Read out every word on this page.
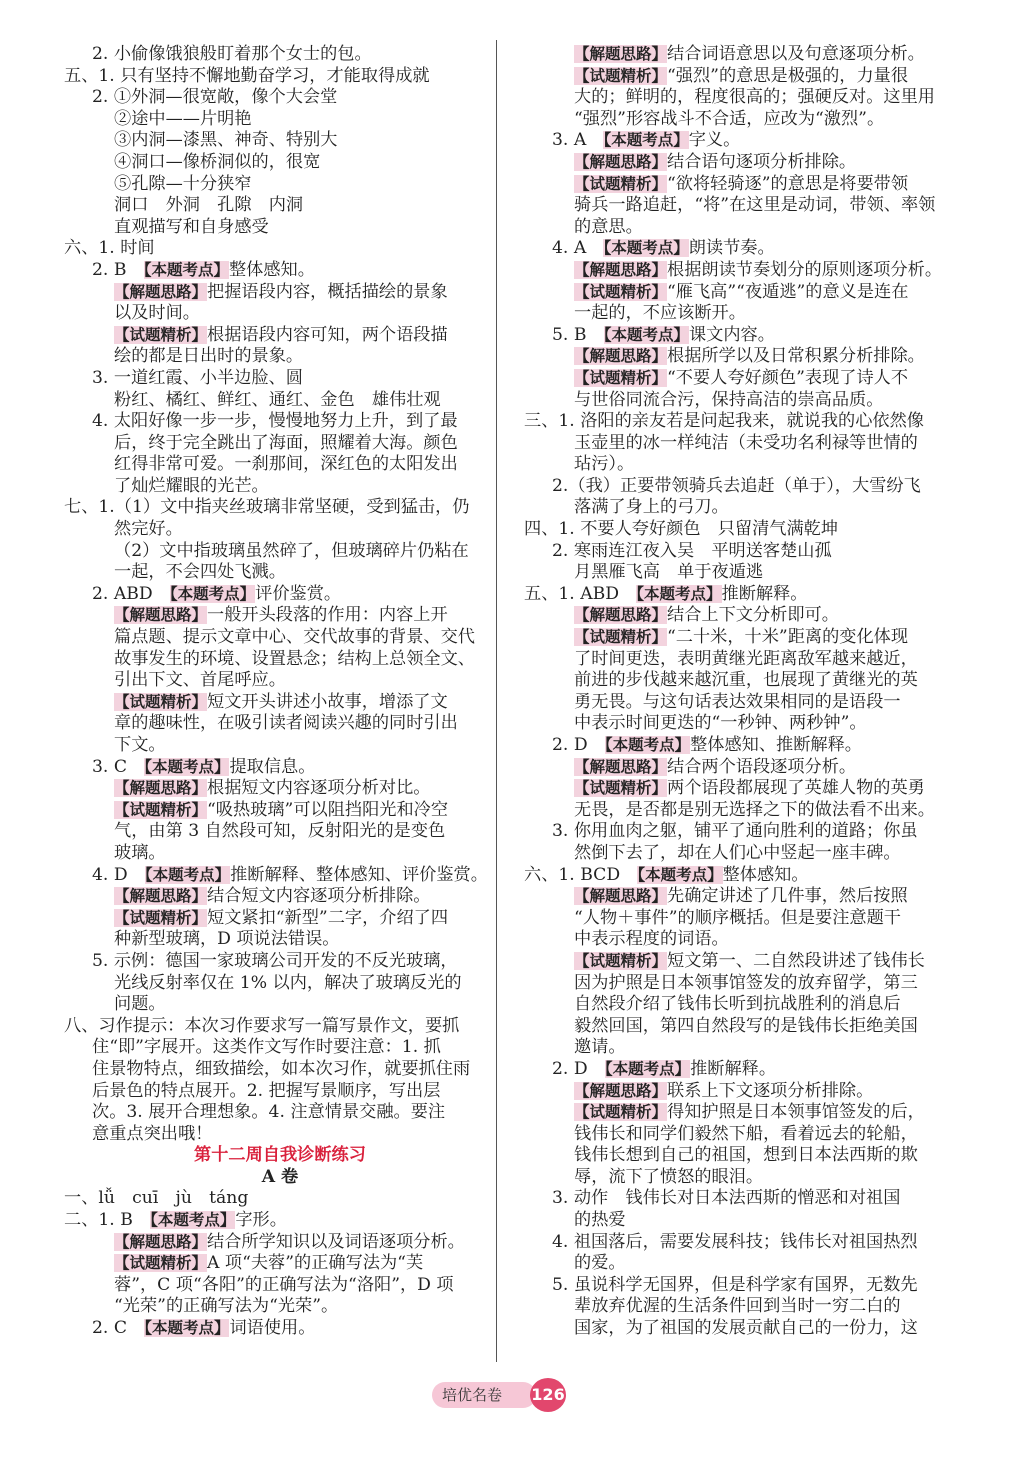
2. 小偷像饿狼般盯着那个女士的包。
五、1. 只有坚持不懈地勤奋学习，才能取得成就
2. ①外洞—很宽敞，像个大会堂
②途中——片明艳
③内洞—漆黑、神奇、特别大
④洞口—像桥洞似的，很宽
⑤孔隙—十分狭窄
洞口　外洞　孔隙　内洞
直观描写和自身感受
六、1. 时间
2. B　【本题考点】整体感知。
【解题思路】把握语段内容，概括描绘的景象
以及时间。
【试题精析】根据语段内容可知，两个语段描
绘的都是日出时的景象。
3. 一道红霞、小半边脸、圆
粉红、橘红、鲜红、通红、金色　雄伟壮观
4. 太阳好像一步一步，慢慢地努力上升，到了最
后，终于完全跳出了海面，照耀着大海。颜色
红得非常可爱。一刹那间，深红色的太阳发出
了灿烂耀眼的光芒。
七、1.（1）文中指夹丝玻璃非常坚硬，受到猛击，仍
然完好。
（2）文中指玻璃虽然碎了，但玻璃碎片仍粘在
一起，不会四处飞溅。
2. ABD　【本题考点】评价鉴赏。
【解题思路】一般开头段落的作用：内容上开
篇点题、提示文章中心、交代故事的背景、交代
故事发生的环境、设置悬念；结构上总领全文、
引出下文、首尾呼应。
【试题精析】短文开头讲述小故事，增添了文
章的趣味性，在吸引读者阅读兴趣的同时引出
下文。
3. C　【本题考点】提取信息。
【解题思路】根据短文内容逐项分析对比。
【试题精析】“吸热玻璃”可以阻挡阳光和冷空
气，由第 3 自然段可知，反射阳光的是变色
玻璃。
4. D　【本题考点】推断解释、整体感知、评价鉴赏。
【解题思路】结合短文内容逐项分析排除。
【试题精析】短文紧扣“新型”二字，介绍了四
种新型玻璃，D 项说法错误。
5. 示例：德国一家玻璃公司开发的不反光玻璃，
光线反射率仅在 1% 以内，解决了玻璃反光的
问题。
八、习作提示：本次习作要求写一篇写景作文，要抓
住“即”字展开。这类作文写作时要注意：1. 抓
住景物特点，细致描绘，如本次习作，就要抓住雨
后景色的特点展开。2. 把握写景顺序，写出层
次。3. 展开合理想象。4. 注意情景交融。要注
意重点突出哦！
第十二周自我诊断练习
A 卷
一、lǚ　cuī　jù　táng
二、1. B　【本题考点】字形。
【解题思路】结合所学知识以及词语逐项分析。
【试题精析】A 项“夫蓉”的正确写法为“芙
蓉”，C 项“各阳”的正确写法为“洛阳”，D 项
“光荣”的正确写法为“光荣”。
2. C　【本题考点】词语使用。
【解题思路】结合词语意思以及句意逐项分析。
【试题精析】“强烈”的意思是极强的，力量很
大的；鲜明的，程度很高的；强硬反对。这里用
“强烈”形容战斗不合适，应改为“激烈”。
3. A　【本题考点】字义。
【解题思路】结合语句逐项分析排除。
【试题精析】“欲将轻骑逐”的意思是将要带领
骑兵一路追赶，“将”在这里是动词，带领、率领
的意思。
4. A　【本题考点】朗读节奏。
【解题思路】根据朗读节奏划分的原则逐项分析。
【试题精析】“雁飞高”“夜遁逃”的意义是连在
一起的，不应该断开。
5. B　【本题考点】课文内容。
【解题思路】根据所学以及日常积累分析排除。
【试题精析】“不要人夸好颜色”表现了诗人不
与世俗同流合污，保持高洁的崇高品质。
三、1. 洛阳的亲友若是问起我来，就说我的心依然像
玉壶里的冰一样纯洁（未受功名利禄等世情的
玷污）。
2.（我）正要带领骑兵去追赶（单于），大雪纷飞
落满了身上的弓刀。
四、1. 不要人夸好颜色　只留清气满乾坤
2. 寒雨连江夜入吴　平明送客楚山孤
月黑雁飞高　单于夜遁逃
五、1. ABD　【本题考点】推断解释。
【解题思路】结合上下文分析即可。
【试题精析】“二十米，十米”距离的变化体现
了时间更迭，表明黄继光距离敌军越来越近，
前进的步伐越来越沉重，也展现了黄继光的英
勇无畏。与这句话表达效果相同的是语段一
中表示时间更迭的“一秒钟、两秒钟”。
2. D　【本题考点】整体感知、推断解释。
【解题思路】结合两个语段逐项分析。
【试题精析】两个语段都展现了英雄人物的英勇
无畏，是否都是别无选择之下的做法看不出来。
3. 你用血肉之躯，铺平了通向胜利的道路；你虽
然倒下去了，却在人们心中竖起一座丰碑。
六、1. BCD　【本题考点】整体感知。
【解题思路】先确定讲述了几件事，然后按照
“人物＋事件”的顺序概括。但是要注意题干
中表示程度的词语。
【试题精析】短文第一、二自然段讲述了钱伟长
因为护照是日本领事馆签发的放弃留学，第三
自然段介绍了钱伟长听到抗战胜利的消息后
毅然回国，第四自然段写的是钱伟长拒绝美国
邀请。
2. D　【本题考点】推断解释。
【解题思路】联系上下文逐项分析排除。
【试题精析】得知护照是日本领事馆签发的后，
钱伟长和同学们毅然下船，看着远去的轮船，
钱伟长想到自己的祖国，想到日本法西斯的欺
辱，流下了愤怒的眼泪。
3. 动作　钱伟长对日本法西斯的憎恶和对祖国
的热爱
4. 祖国落后，需要发展科技；钱伟长对祖国热烈
的爱。
5. 虽说科学无国界，但是科学家有国界，无数先
辈放弃优渥的生活条件回到当时一穷二白的
国家，为了祖国的发展贡献自己的一份力，这
培优名卷	126
